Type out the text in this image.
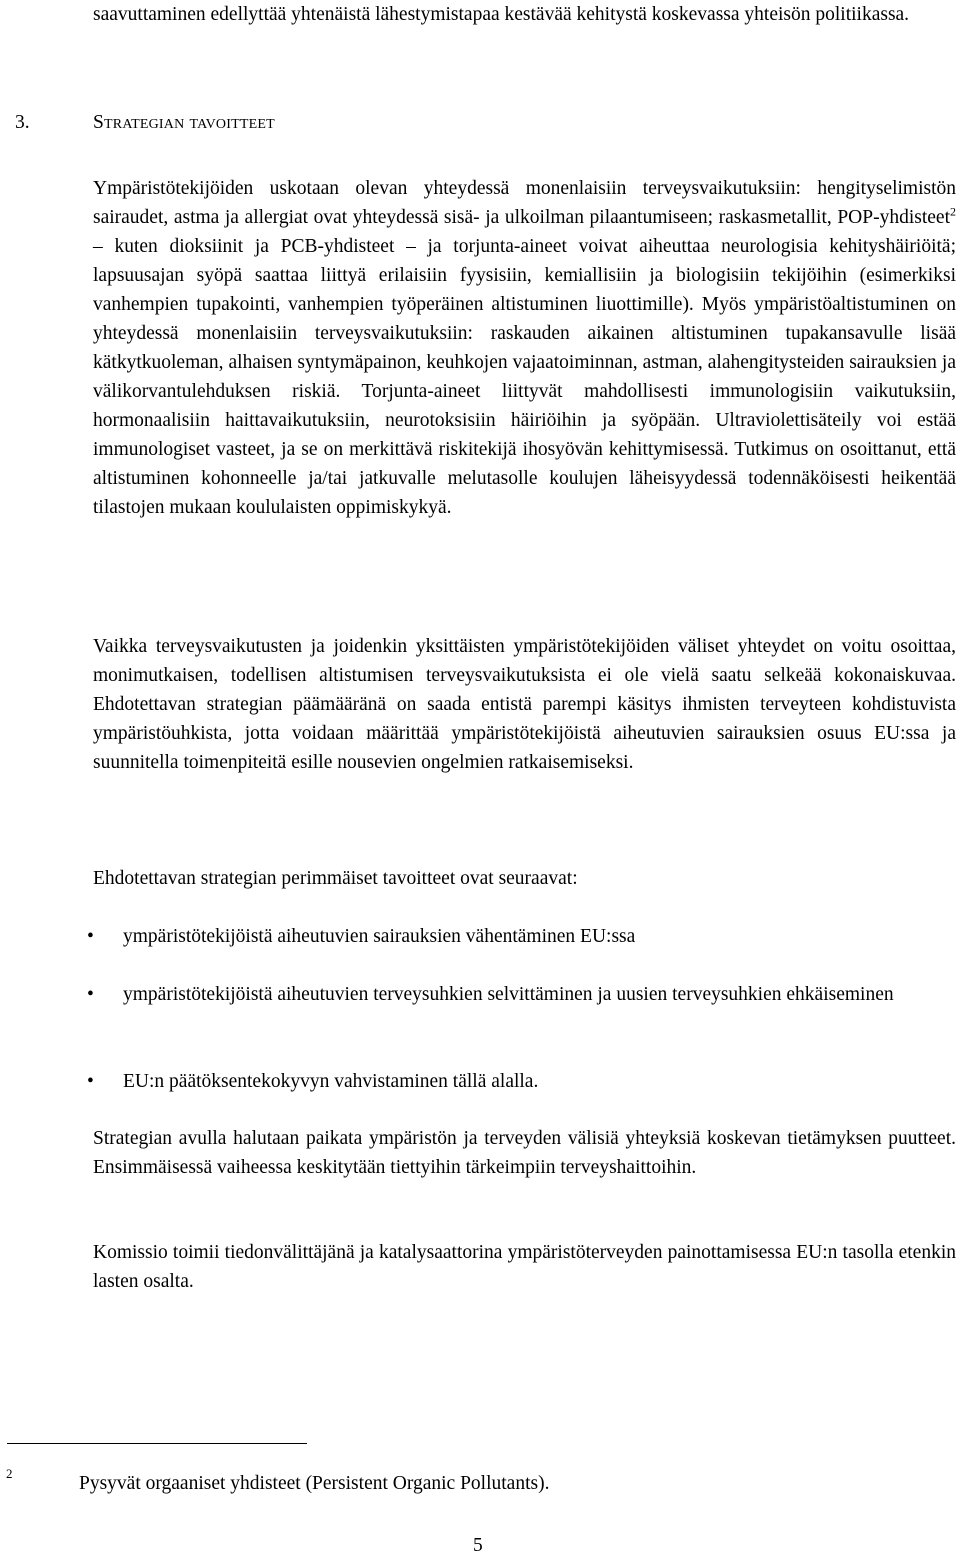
saavuttaminen edellyttää yhtenäistä lähestymistapaa kestävää kehitystä koskevassa yhteisön politiikassa.

3.	Strategian tavoitteet

Ympäristötekijöiden uskotaan olevan yhteydessä monenlaisiin terveysvaikutuksiin: hengityselimistön sairaudet, astma ja allergiat ovat yhteydessä sisä- ja ulkoilman pilaantumiseen; raskasmetallit, POP-yhdisteet$^2$ – kuten dioksiinit ja PCB-yhdisteet – ja torjunta-aineet voivat aiheuttaa neurologisia kehityshäiriöitä; lapsuusajan syöpä saattaa liittyä erilaisiin fyysisiin, kemiallisiin ja biologisiin tekijöihin (esimerkiksi vanhempien tupakointi, vanhempien työperäinen altistuminen liuottimille). Myös ympäristöaltistuminen on yhteydessä monenlaisiin terveysvaikutuksiin: raskauden aikainen altistuminen tupakansavulle lisää kätkytkuoleman, alhaisen syntymäpainon, keuhkojen vajaatoiminnan, astman, alahengitysteiden sairauksien ja välikorvantulehduksen riskiä. Torjunta-aineet liittyvät mahdollisesti immunologisiin vaikutuksiin, hormonaalisiin haittavaikutuksiin, neurotoksisiin häiriöihin ja syöpään. Ultraviolettisäteily voi estää immunologiset vasteet, ja se on merkittävä riskitekijä ihosyövän kehittymisessä. Tutkimus on osoittanut, että altistuminen kohonneelle ja/tai jatkuvalle melutasolle koulujen läheisyydessä todennäköisesti heikentää tilastojen mukaan koululaisten oppimiskykyä.

Vaikka terveysvaikutusten ja joidenkin yksittäisten ympäristötekijöiden väliset yhteydet on voitu osoittaa, monimutkaisen, todellisen altistumisen terveysvaikutuksista ei ole vielä saatu selkeää kokonaiskuvaa. Ehdotettavan strategian päämääränä on saada entistä parempi käsitys ihmisten terveyteen kohdistuvista ympäristöuhkista, jotta voidaan määrittää ympäristötekijöistä aiheutuvien sairauksien osuus EU:ssa ja suunnitella toimenpiteitä esille nousevien ongelmien ratkaisemiseksi.

Ehdotettavan strategian perimmäiset tavoitteet ovat seuraavat:

•	ympäristötekijöistä aiheutuvien sairauksien vähentäminen EU:ssa
•	ympäristötekijöistä aiheutuvien terveysuhkien selvittäminen ja uusien terveysuhkien ehkäiseminen
•	EU:n päätöksentekokyvyn vahvistaminen tällä alalla.

Strategian avulla halutaan paikata ympäristön ja terveyden välisiä yhteyksiä koskevan tietämyksen puutteet. Ensimmäisessä vaiheessa keskitytään tiettyihin tärkeimpiin terveyshaittoihin.

Komissio toimii tiedonvälittäjänä ja katalysaattorina ympäristöterveyden painottamisessa EU:n tasolla etenkin lasten osalta.

2	Pysyvät orgaaniset yhdisteet (Persistent Organic Pollutants).
5
